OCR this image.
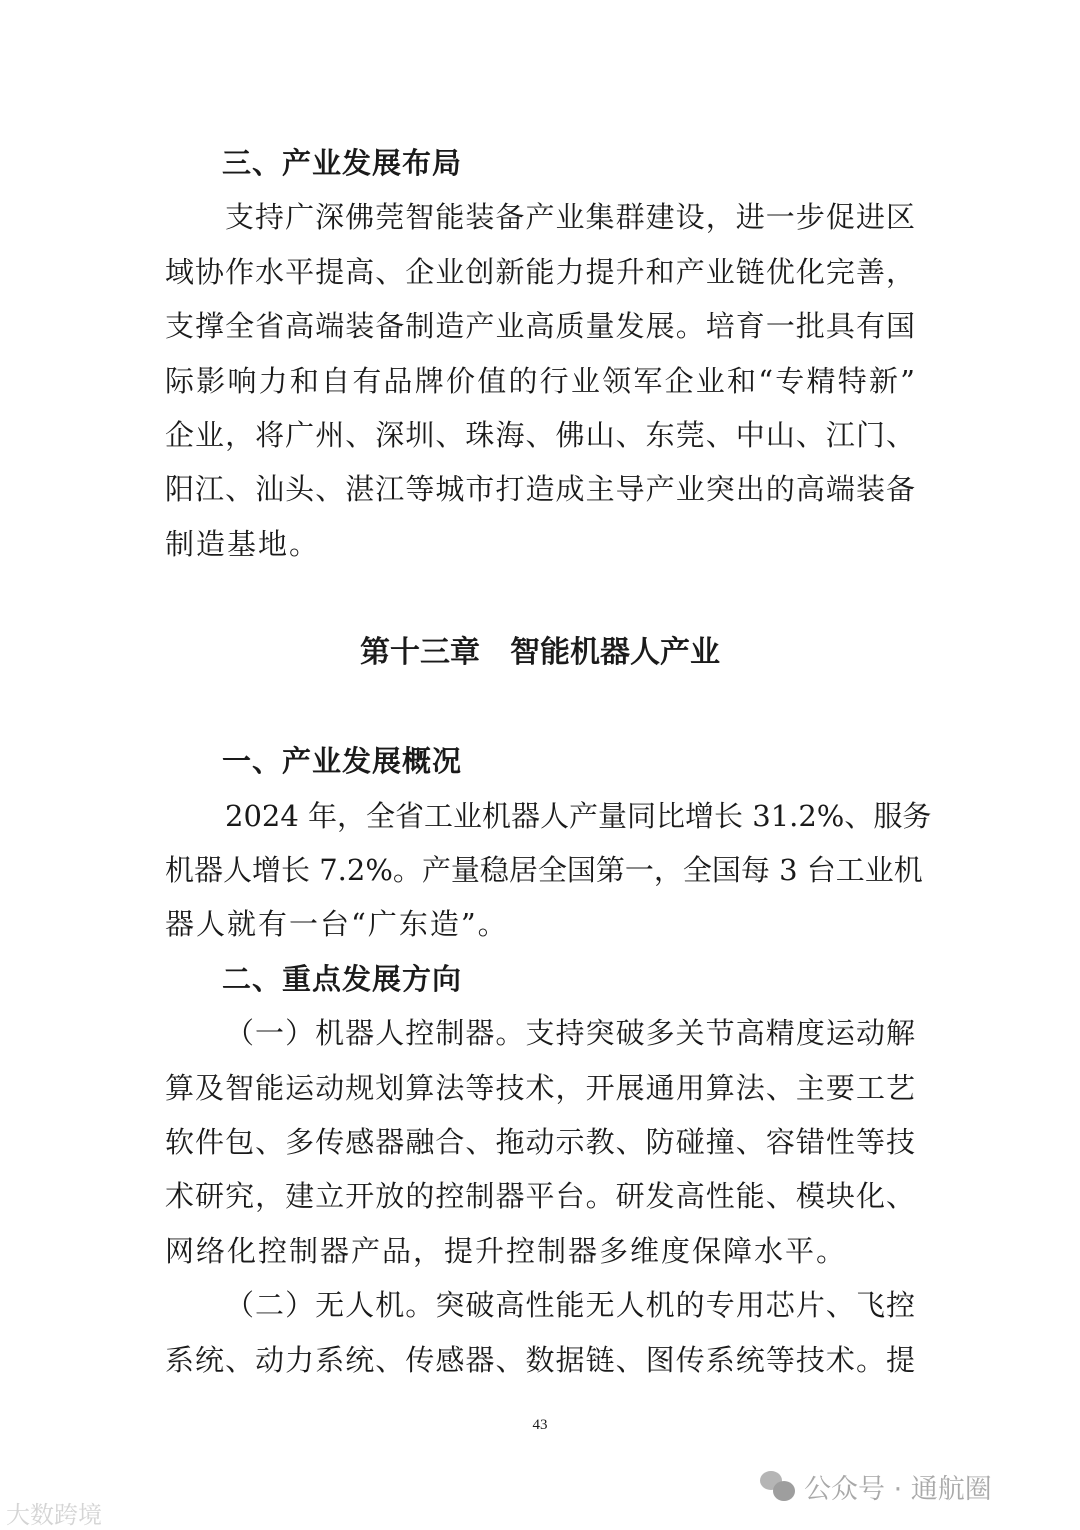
三、产业发展布局
支持广深佛莞智能装备产业集群建设，进一步促进区
域协作水平提高、企业创新能力提升和产业链优化完善，
支撑全省高端装备制造产业高质量发展。培育一批具有国
际影响力和自有品牌价值的行业领军企业和“专精特新”
企业，将广州、深圳、珠海、佛山、东莞、中山、江门、
阳江、汕头、湛江等城市打造成主导产业突出的高端装备
制造基地。
第十三章　智能机器人产业
一、产业发展概况
2024 年，全省工业机器人产量同比增长 31.2%、服务
机器人增长 7.2%。产量稳居全国第一，全国每 3 台工业机
器人就有一台“广东造”。
二、重点发展方向
（一）机器人控制器。支持突破多关节高精度运动解
算及智能运动规划算法等技术，开展通用算法、主要工艺
软件包、多传感器融合、拖动示教、防碰撞、容错性等技
术研究，建立开放的控制器平台。研发高性能、模块化、
网络化控制器产品，提升控制器多维度保障水平。
（二）无人机。突破高性能无人机的专用芯片、飞控
系统、动力系统、传感器、数据链、图传系统等技术。提
43
大数跨境
公众号 · 通航圈
